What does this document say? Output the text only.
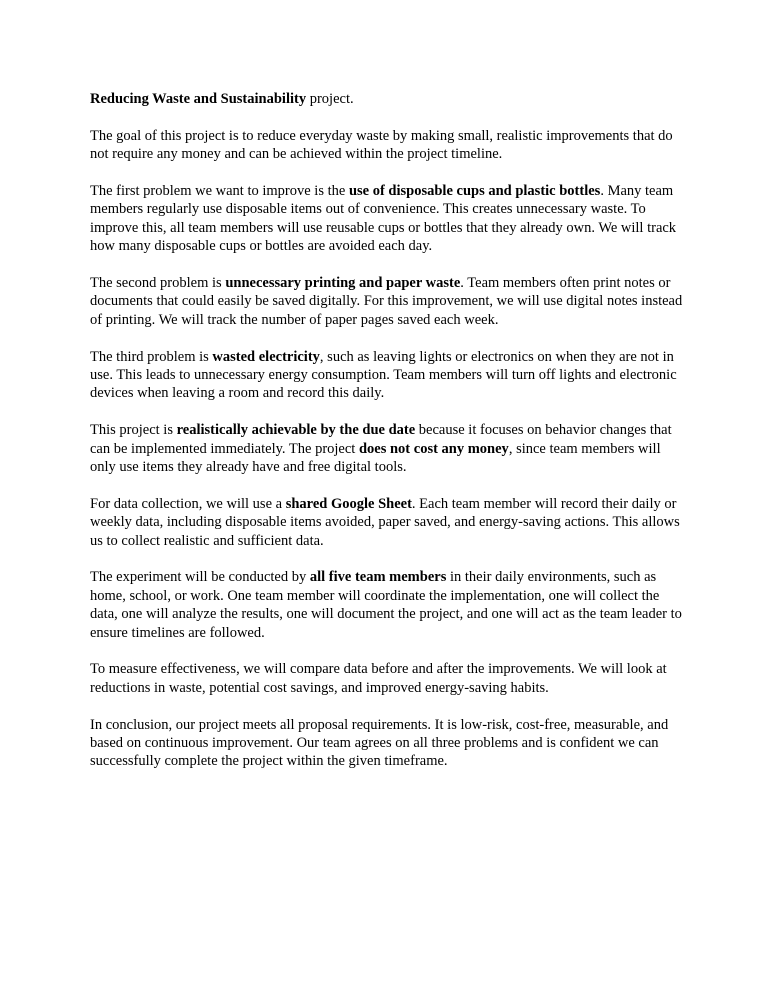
Reducing Waste and Sustainability project.

The goal of this project is to reduce everyday waste by making small, realistic improvements that do not require any money and can be achieved within the project timeline.

The first problem we want to improve is the use of disposable cups and plastic bottles. Many team members regularly use disposable items out of convenience. This creates unnecessary waste. To improve this, all team members will use reusable cups or bottles that they already own. We will track how many disposable cups or bottles are avoided each day.

The second problem is unnecessary printing and paper waste. Team members often print notes or documents that could easily be saved digitally. For this improvement, we will use digital notes instead of printing. We will track the number of paper pages saved each week.

The third problem is wasted electricity, such as leaving lights or electronics on when they are not in use. This leads to unnecessary energy consumption. Team members will turn off lights and electronic devices when leaving a room and record this daily.

This project is realistically achievable by the due date because it focuses on behavior changes that can be implemented immediately. The project does not cost any money, since team members will only use items they already have and free digital tools.

For data collection, we will use a shared Google Sheet. Each team member will record their daily or weekly data, including disposable items avoided, paper saved, and energy-saving actions. This allows us to collect realistic and sufficient data.

The experiment will be conducted by all five team members in their daily environments, such as home, school, or work. One team member will coordinate the implementation, one will collect the data, one will analyze the results, one will document the project, and one will act as the team leader to ensure timelines are followed.

To measure effectiveness, we will compare data before and after the improvements. We will look at reductions in waste, potential cost savings, and improved energy-saving habits.

In conclusion, our project meets all proposal requirements. It is low-risk, cost-free, measurable, and based on continuous improvement. Our team agrees on all three problems and is confident we can successfully complete the project within the given timeframe.
